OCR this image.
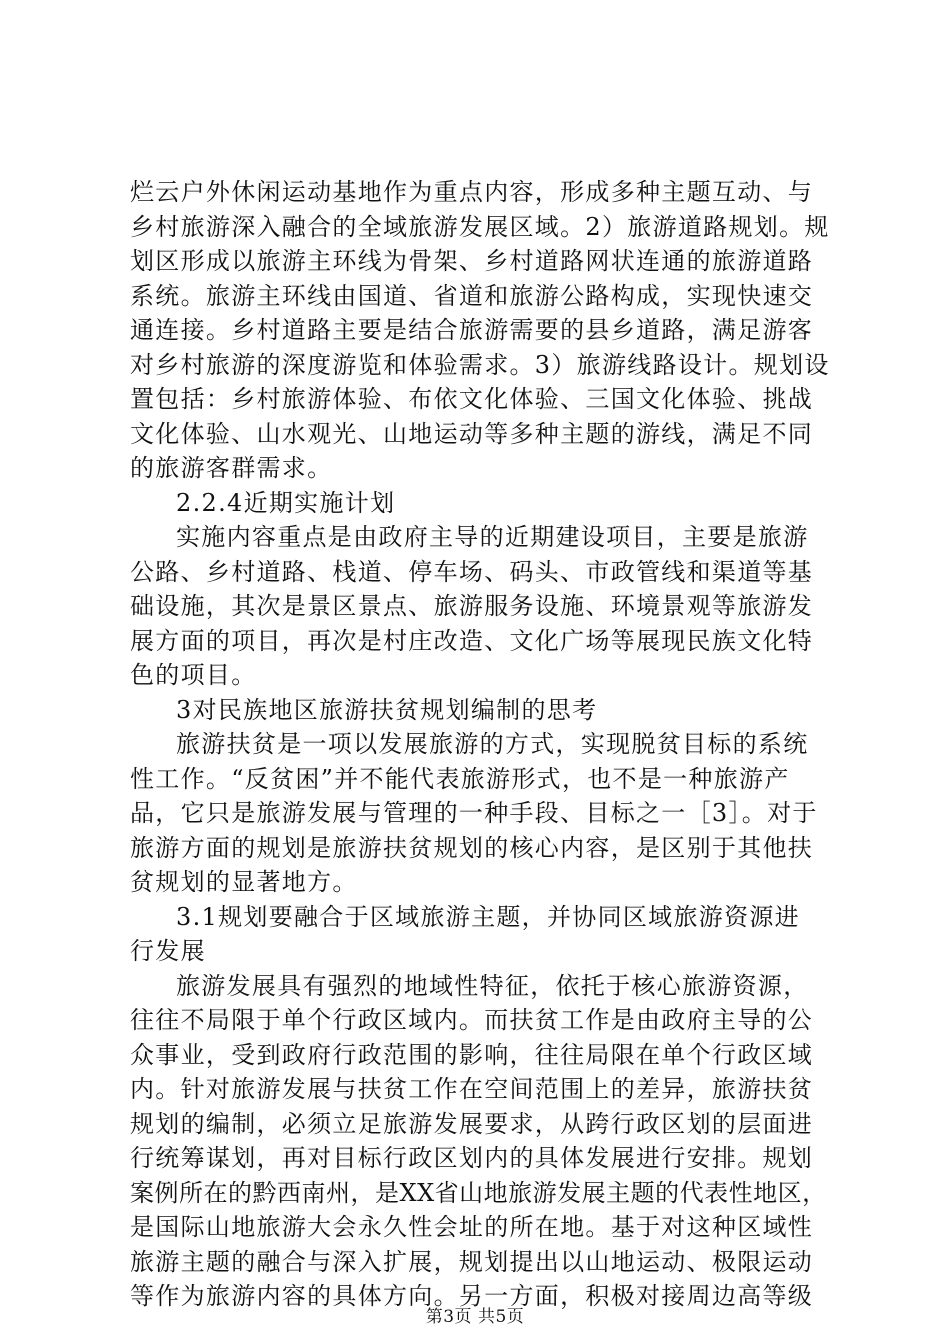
烂云户外休闲运动基地作为重点内容，形成多种主题互动、与
乡村旅游深入融合的全域旅游发展区域。2）旅游道路规划。规
划区形成以旅游主环线为骨架、乡村道路网状连通的旅游道路
系统。旅游主环线由国道、省道和旅游公路构成，实现快速交
通连接。乡村道路主要是结合旅游需要的县乡道路，满足游客
对乡村旅游的深度游览和体验需求。3）旅游线路设计。规划设
置包括：乡村旅游体验、布依文化体验、三国文化体验、挑战
文化体验、山水观光、山地运动等多种主题的游线，满足不同
的旅游客群需求。
2.2.4近期实施计划
实施内容重点是由政府主导的近期建设项目，主要是旅游
公路、乡村道路、栈道、停车场、码头、市政管线和渠道等基
础设施，其次是景区景点、旅游服务设施、环境景观等旅游发
展方面的项目，再次是村庄改造、文化广场等展现民族文化特
色的项目。
3对民族地区旅游扶贫规划编制的思考
旅游扶贫是一项以发展旅游的方式，实现脱贫目标的系统
性工作。“反贫困”并不能代表旅游形式，也不是一种旅游产
品，它只是旅游发展与管理的一种手段、目标之一［3］。对于
旅游方面的规划是旅游扶贫规划的核心内容，是区别于其他扶
贫规划的显著地方。
3.1规划要融合于区域旅游主题，并协同区域旅游资源进
行发展
旅游发展具有强烈的地域性特征，依托于核心旅游资源，
往往不局限于单个行政区域内。而扶贫工作是由政府主导的公
众事业，受到政府行政范围的影响，往往局限在单个行政区域
内。针对旅游发展与扶贫工作在空间范围上的差异，旅游扶贫
规划的编制，必须立足旅游发展要求，从跨行政区划的层面进
行统筹谋划，再对目标行政区划内的具体发展进行安排。规划
案例所在的黔西南州，是XX省山地旅游发展主题的代表性地区，
是国际山地旅游大会永久性会址的所在地。基于对这种区域性
旅游主题的融合与深入扩展，规划提出以山地运动、极限运动
等作为旅游内容的具体方向。另一方面，积极对接周边高等级
第3页 共5页
